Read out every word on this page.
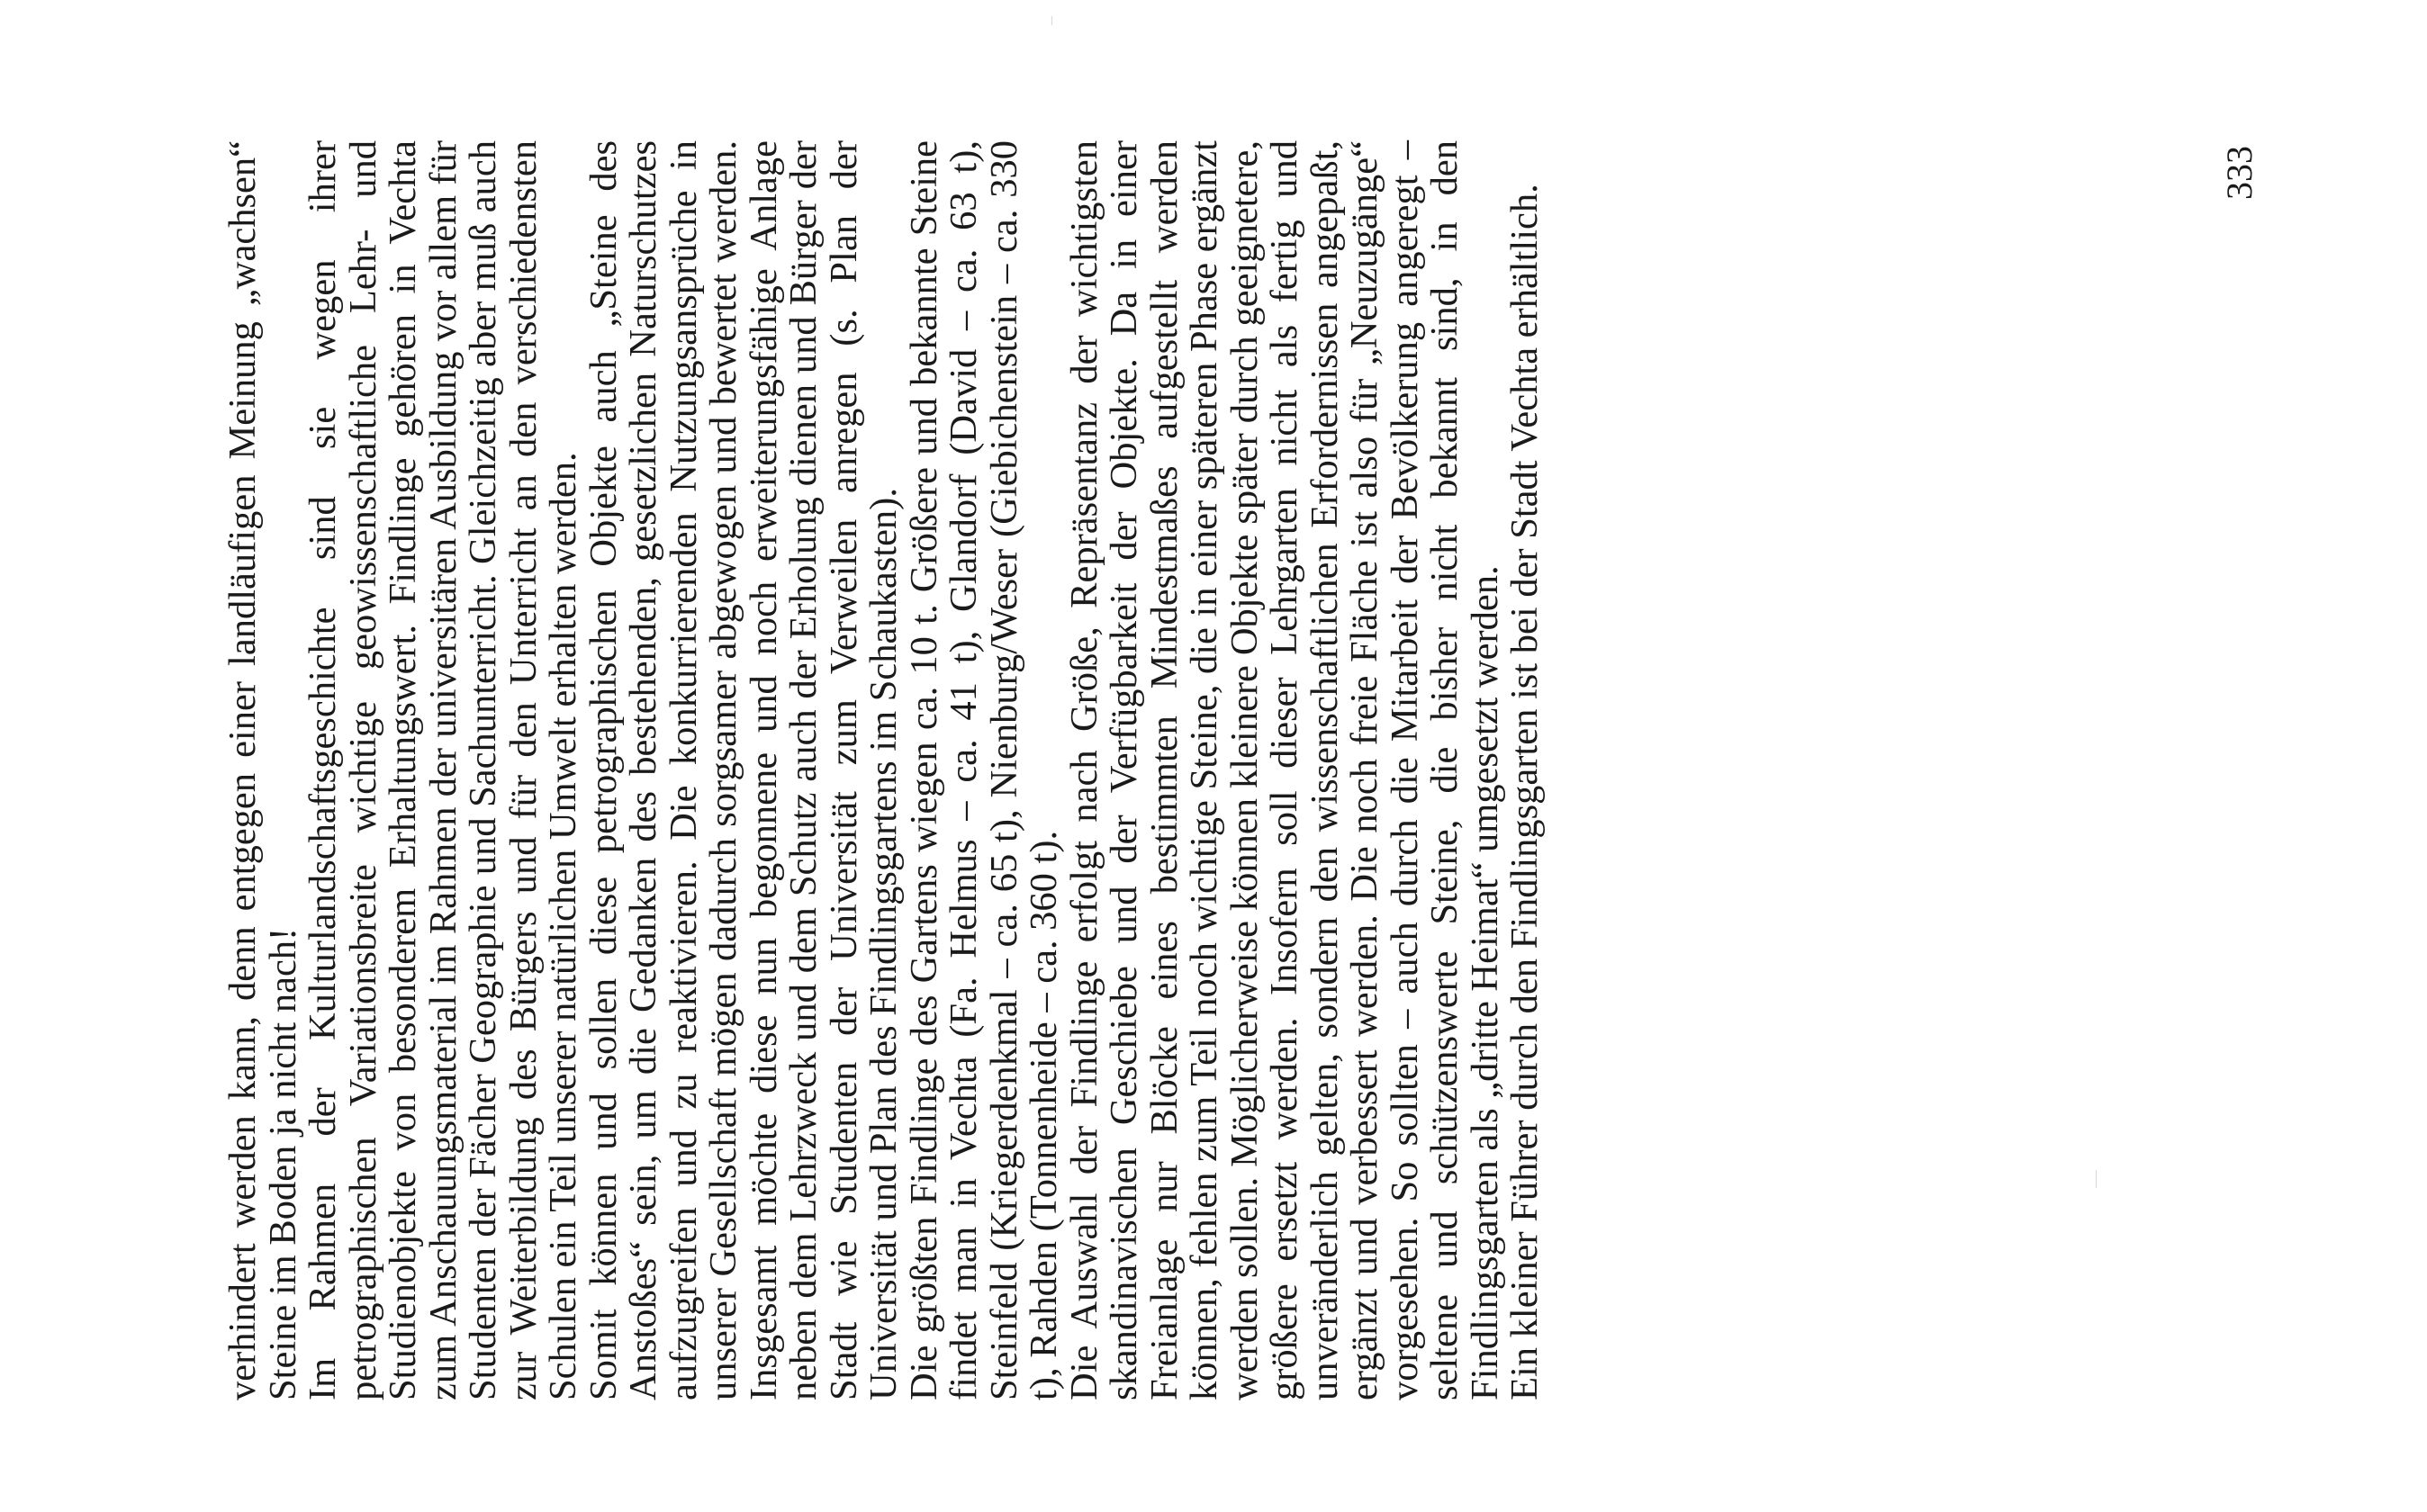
verhindert werden kann, denn entgegen einer landläufigen Meinung „wachsen“ Steine im Boden ja nicht nach!

Im Rahmen der Kulturlandschaftsgeschichte sind sie wegen ihrer petrographischen Variationsbreite wichtige geowissenschaftliche Lehr- und Studienobjekte von besonderem Erhaltungswert. Findlinge gehören in Vechta zum Anschauungsmaterial im Rahmen der universitären Ausbildung vor allem für Studenten der Fächer Geographie und Sachunterricht. Gleichzeitig aber muß auch zur Weiterbildung des Bürgers und für den Unterricht an den verschiedensten Schulen ein Teil unserer natürlichen Umwelt erhalten werden.

Somit können und sollen diese petrographischen Objekte auch „Steine des Anstoßes“ sein, um die Gedanken des bestehenden, gesetzlichen Naturschutzes aufzugreifen und zu reaktivieren. Die konkurrierenden Nutzungsansprüche in unserer Gesellschaft mögen dadurch sorgsamer abgewogen und bewertet werden. Insgesamt möchte diese nun begonnene und noch erweiterungsfähige Anlage neben dem Lehrzweck und dem Schutz auch der Erholung dienen und Bürger der Stadt wie Studenten der Universität zum Verweilen anregen (s. Plan der Universität und Plan des Findlingsgartens im Schaukasten).

Die größten Findlinge des Gartens wiegen ca. 10 t. Größere und bekannte Steine findet man in Vechta (Fa. Helmus – ca. 41 t), Glandorf (David – ca. 63 t), Steinfeld (Kriegerdenkmal – ca. 65 t), Nienburg/Weser (Giebichenstein – ca. 330 t), Rahden (Tonnenheide – ca. 360 t).

Die Auswahl der Findlinge erfolgt nach Größe, Repräsentanz der wichtigsten skandinavischen Geschiebe und der Verfügbarkeit der Objekte. Da in einer Freianlage nur Blöcke eines bestimmten Mindestmaßes aufgestellt werden können, fehlen zum Teil noch wichtige Steine, die in einer späteren Phase ergänzt werden sollen. Möglicherweise können kleinere Objekte später durch geeignetere, größere ersetzt werden. Insofern soll dieser Lehrgarten nicht als fertig und unveränderlich gelten, sondern den wissenschaftlichen Erfordernissen angepaßt, ergänzt und verbessert werden. Die noch freie Fläche ist also für „Neuzugänge“ vorgesehen. So sollten – auch durch die Mitarbeit der Bevölkerung angeregt – seltene und schützenswerte Steine, die bisher nicht bekannt sind, in den Findlingsgarten als „dritte Heimat“ umgesetzt werden.

Ein kleiner Führer durch den Findlingsgarten ist bei der Stadt Vechta erhältlich.

333
